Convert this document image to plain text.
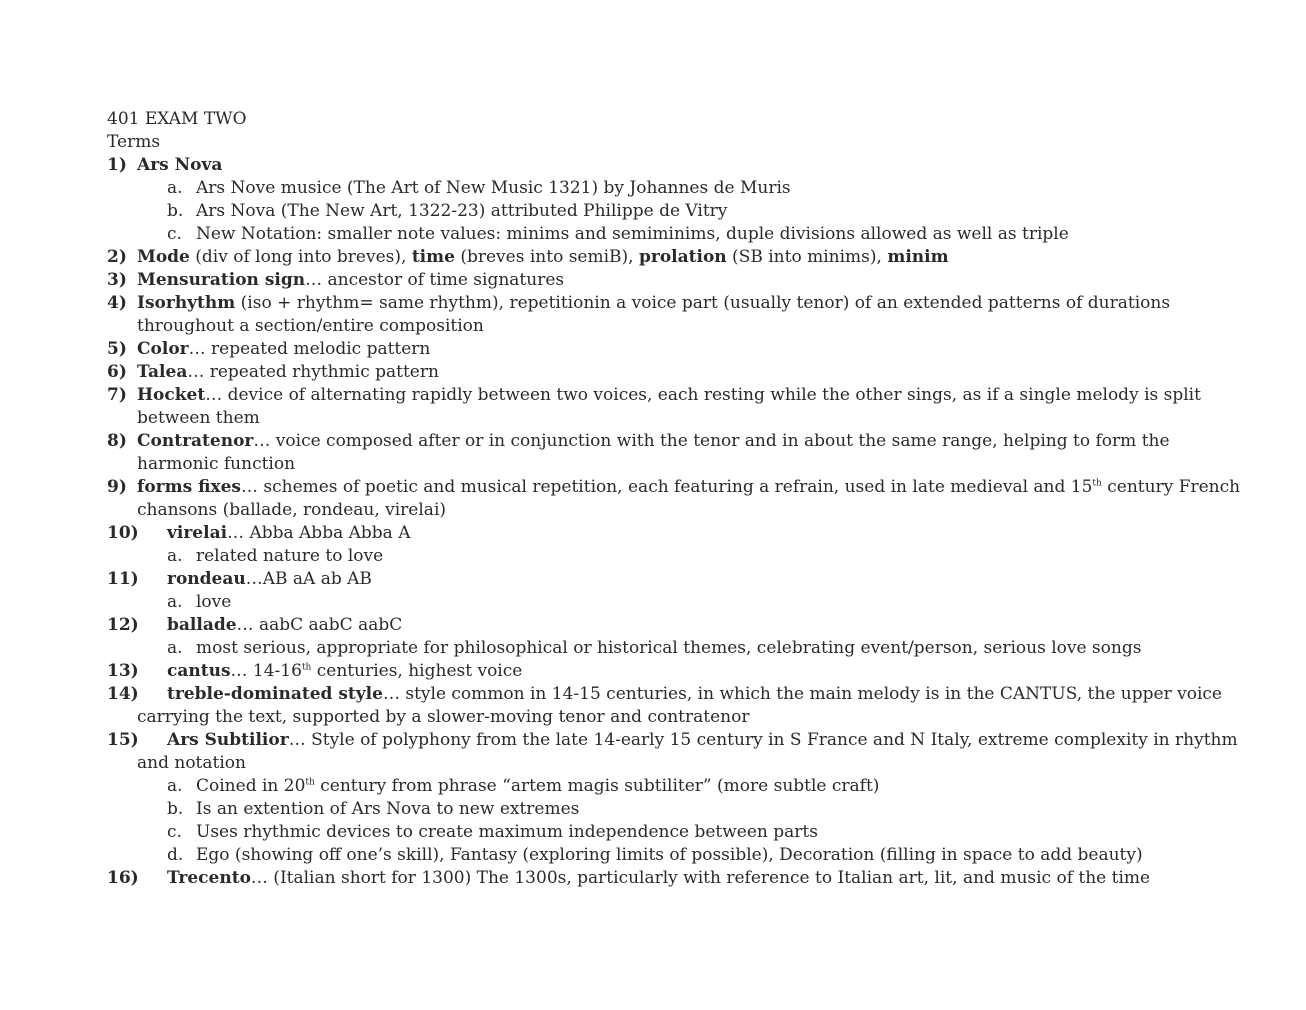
401 EXAM TWO
Terms
1) Ars Nova
a. Ars Nove musice (The Art of New Music 1321) by Johannes de Muris
b. Ars Nova (The New Art, 1322-23) attributed Philippe de Vitry
c. New Notation: smaller note values: minims and semiminims, duple divisions allowed as well as triple
2) Mode (div of long into breves), time (breves into semiB), prolation (SB into minims), minim
3) Mensuration sign… ancestor of time signatures
4) Isorhythm (iso + rhythm= same rhythm), repetitionin a voice part (usually tenor) of an extended patterns of durations
throughout a section/entire composition
5) Color… repeated melodic pattern
6) Talea… repeated rhythmic pattern
7) Hocket… device of alternating rapidly between two voices, each resting while the other sings, as if a single melody is split
between them
8) Contratenor… voice composed after or in conjunction with the tenor and in about the same range, helping to form the
harmonic function
9) forms fixes… schemes of poetic and musical repetition, each featuring a refrain, used in late medieval and 15th century French
chansons (ballade, rondeau, virelai)
10)	virelai… Abba Abba Abba A
a. related nature to love
11)	rondeau…AB aA ab AB
a. love
12)	ballade… aabC aabC aabC
a. most serious, appropriate for philosophical or historical themes, celebrating event/person, serious love songs
13)	cantus… 14-16th centuries, highest voice
14)	treble-dominated style… style common in 14-15 centuries, in which the main melody is in the CANTUS, the upper voice
carrying the text, supported by a slower-moving tenor and contratenor
15)	Ars Subtilior… Style of polyphony from the late 14-early 15 century in S France and N Italy, extreme complexity in rhythm
and notation
a. Coined in 20th century from phrase “artem magis subtiliter” (more subtle craft)
b. Is an extention of Ars Nova to new extremes
c. Uses rhythmic devices to create maximum independence between parts
d. Ego (showing off one’s skill), Fantasy (exploring limits of possible), Decoration (filling in space to add beauty)
16)	Trecento… (Italian short for 1300) The 1300s, particularly with reference to Italian art, lit, and music of the time
